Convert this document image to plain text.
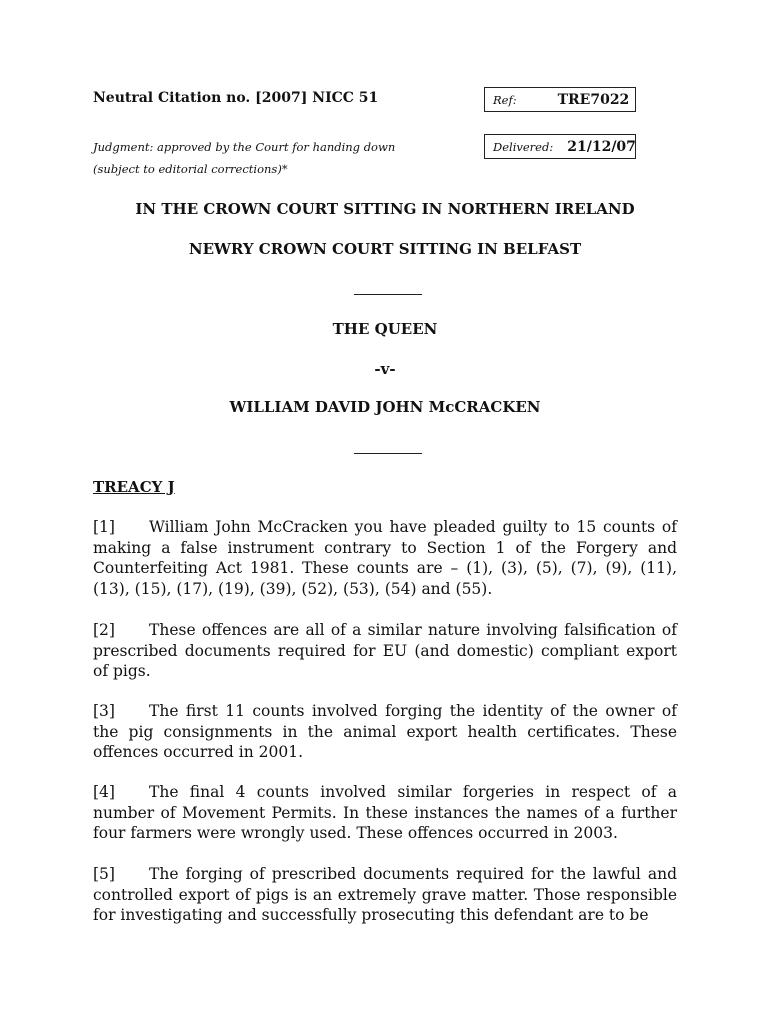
Neutral Citation no. [2007] NICC 51	Ref:	TRE7022
Judgment: approved by the Court for handing down
(subject to editorial corrections)*
Delivered: 21/12/07
IN THE CROWN COURT SITTING IN NORTHERN IRELAND
NEWRY CROWN COURT SITTING IN BELFAST
THE QUEEN
-v-
WILLIAM DAVID JOHN McCRACKEN
TREACY J
[1] William John McCracken you have pleaded guilty to 15 counts of making a false instrument contrary to Section 1 of the Forgery and Counterfeiting Act 1981. These counts are – (1), (3), (5), (7), (9), (11), (13), (15), (17), (19), (39), (52), (53), (54) and (55).
[2] These offences are all of a similar nature involving falsification of prescribed documents required for EU (and domestic) compliant export of pigs.
[3] The first 11 counts involved forging the identity of the owner of the pig consignments in the animal export health certificates. These offences occurred in 2001.
[4] The final 4 counts involved similar forgeries in respect of a number of Movement Permits. In these instances the names of a further four farmers were wrongly used. These offences occurred in 2003.
[5] The forging of prescribed documents required for the lawful and controlled export of pigs is an extremely grave matter. Those responsible for investigating and successfully prosecuting this defendant are to be
